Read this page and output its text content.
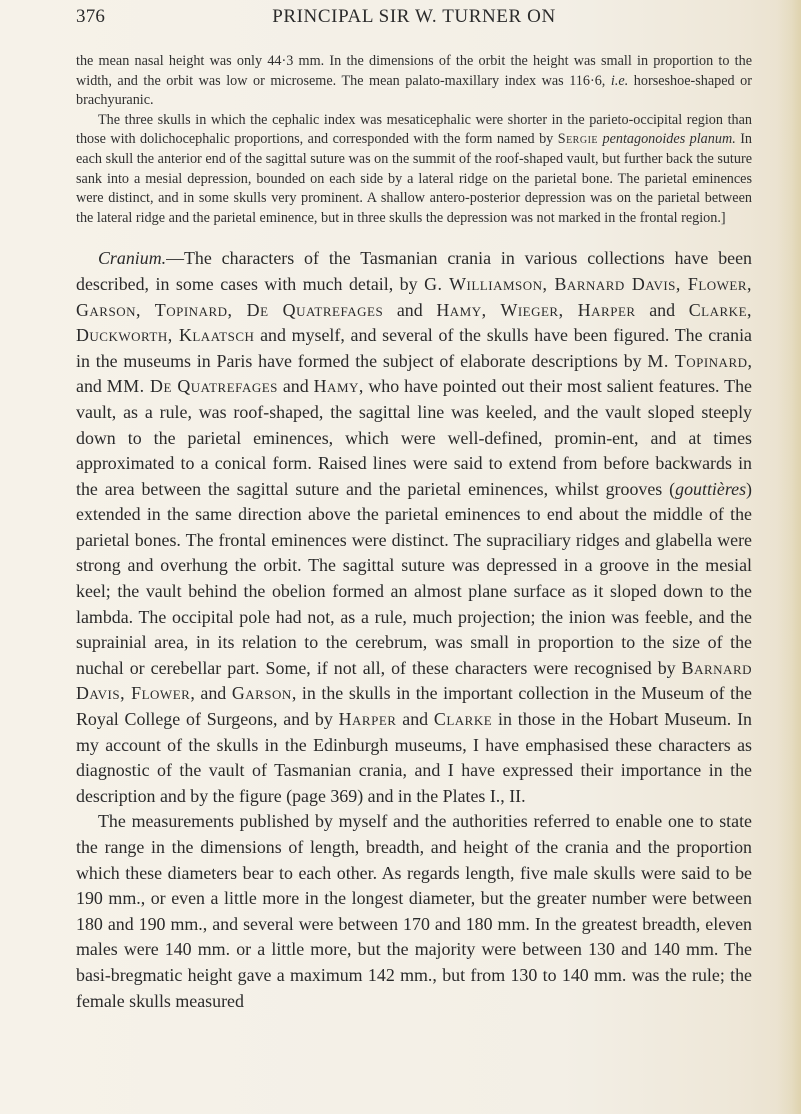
376	PRINCIPAL SIR W. TURNER ON

the mean nasal height was only 44·3 mm. In the dimensions of the orbit the height was small in proportion to the width, and the orbit was low or microseme. The mean palato-maxillary index was 116·6, i.e. horseshoe-shaped or brachyuranic.

The three skulls in which the cephalic index was mesaticephalic were shorter in the parieto-occipital region than those with dolichocephalic proportions, and corresponded with the form named by Sergie pentagonoides planum. In each skull the anterior end of the sagittal suture was on the summit of the roof-shaped vault, but further back the suture sank into a mesial depression, bounded on each side by a lateral ridge on the parietal bone. The parietal eminences were distinct, and in some skulls very prominent. A shallow antero-posterior depression was on the parietal between the lateral ridge and the parietal eminence, but in three skulls the depression was not marked in the frontal region.]

Cranium.—The characters of the Tasmanian crania in various collections have been described, in some cases with much detail, by G. Williamson, Barnard Davis, Flower, Garson, Topinard, De Quatrefages and Hamy, Wieger, Harper and Clarke, Duckworth, Klaatsch and myself, and several of the skulls have been figured. The crania in the museums in Paris have formed the subject of elaborate descriptions by M. Topinard, and MM. De Quatrefages and Hamy, who have pointed out their most salient features. The vault, as a rule, was roof-shaped, the sagittal line was keeled, and the vault sloped steeply down to the parietal eminences, which were well-defined, promin-ent, and at times approximated to a conical form. Raised lines were said to extend from before backwards in the area between the sagittal suture and the parietal eminences, whilst grooves (gouttières) extended in the same direction above the parietal eminences to end about the middle of the parietal bones. The frontal eminences were distinct. The supraciliary ridges and glabella were strong and overhung the orbit. The sagittal suture was depressed in a groove in the mesial keel; the vault behind the obelion formed an almost plane surface as it sloped down to the lambda. The occipital pole had not, as a rule, much projection; the inion was feeble, and the suprainial area, in its relation to the cerebrum, was small in proportion to the size of the nuchal or cerebellar part. Some, if not all, of these characters were recognised by Barnard Davis, Flower, and Garson, in the skulls in the important collection in the Museum of the Royal College of Surgeons, and by Harper and Clarke in those in the Hobart Museum. In my account of the skulls in the Edinburgh museums, I have emphasised these characters as diagnostic of the vault of Tasmanian crania, and I have expressed their importance in the description and by the figure (page 369) and in the Plates I., II.

The measurements published by myself and the authorities referred to enable one to state the range in the dimensions of length, breadth, and height of the crania and the proportion which these diameters bear to each other. As regards length, five male skulls were said to be 190 mm., or even a little more in the longest diameter, but the greater number were between 180 and 190 mm., and several were between 170 and 180 mm. In the greatest breadth, eleven males were 140 mm. or a little more, but the majority were between 130 and 140 mm. The basi-bregmatic height gave a maximum 142 mm., but from 130 to 140 mm. was the rule; the female skulls measured
